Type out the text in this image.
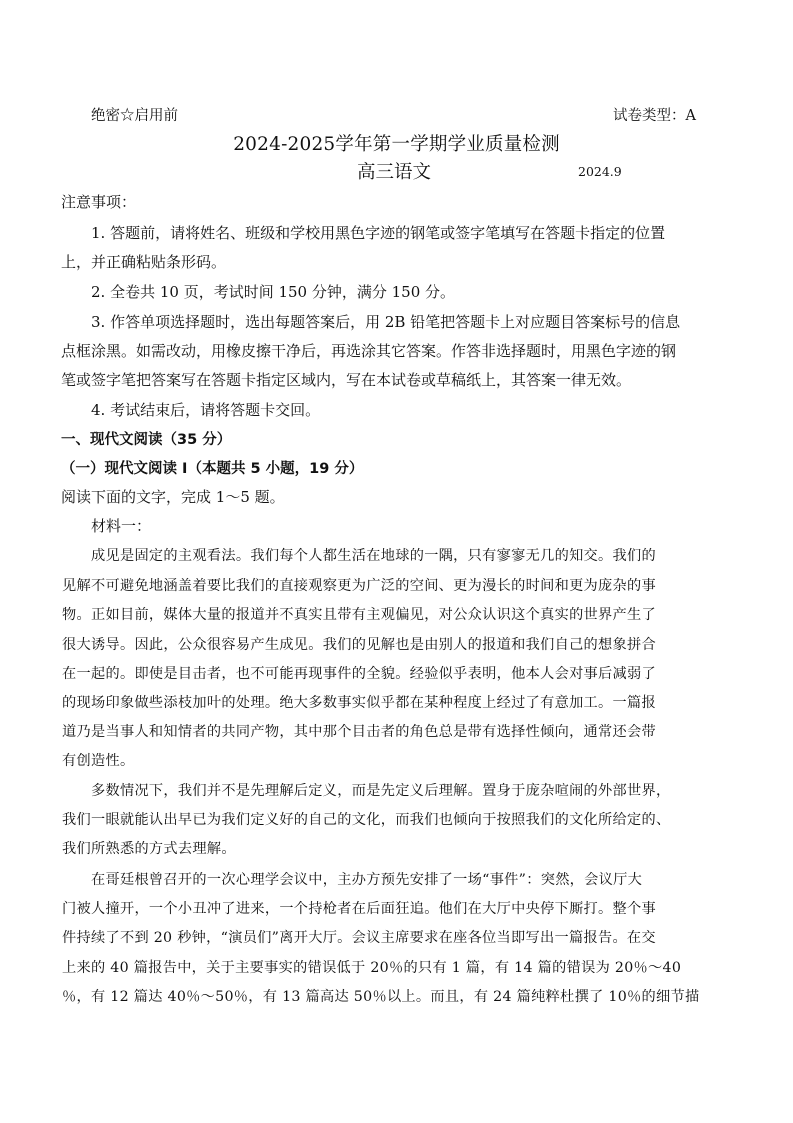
绝密☆启用前	试卷类型：A
2024-2025学年第一学期学业质量检测
高三语文	2024.9
注意事项：
　　1. 答题前，请将姓名、班级和学校用黑色字迹的钢笔或签字笔填写在答题卡指定的位置
上，并正确粘贴条形码。
　　2. 全卷共 10 页，考试时间 150 分钟，满分 150 分。
　　3. 作答单项选择题时，选出每题答案后，用 2B 铅笔把答题卡上对应题目答案标号的信息
点框涂黑。如需改动，用橡皮擦干净后，再选涂其它答案。作答非选择题时，用黑色字迹的钢
笔或签字笔把答案写在答题卡指定区域内，写在本试卷或草稿纸上，其答案一律无效。
　　4. 考试结束后，请将答题卡交回。
一、现代文阅读（35 分）
（一）现代文阅读 I（本题共 5 小题，19 分）
阅读下面的文字，完成 1～5 题。
　　材料一：
　　成见是固定的主观看法。我们每个人都生活在地球的一隅，只有寥寥无几的知交。我们的
见解不可避免地涵盖着要比我们的直接观察更为广泛的空间、更为漫长的时间和更为庞杂的事
物。正如目前，媒体大量的报道并不真实且带有主观偏见，对公众认识这个真实的世界产生了
很大诱导。因此，公众很容易产生成见。我们的见解也是由别人的报道和我们自己的想象拼合
在一起的。即使是目击者，也不可能再现事件的全貌。经验似乎表明，他本人会对事后减弱了
的现场印象做些添枝加叶的处理。绝大多数事实似乎都在某种程度上经过了有意加工。一篇报
道乃是当事人和知情者的共同产物，其中那个目击者的角色总是带有选择性倾向，通常还会带
有创造性。
　　多数情况下，我们并不是先理解后定义，而是先定义后理解。置身于庞杂喧闹的外部世界，
我们一眼就能认出早已为我们定义好的自己的文化，而我们也倾向于按照我们的文化所给定的、
我们所熟悉的方式去理解。
　　在哥廷根曾召开的一次心理学会议中，主办方预先安排了一场“事件”：突然，会议厅大
门被人撞开，一个小丑冲了进来，一个持枪者在后面狂追。他们在大厅中央停下厮打。整个事
件持续了不到 20 秒钟，“演员们”离开大厅。会议主席要求在座各位当即写出一篇报告。在交
上来的 40 篇报告中，关于主要事实的错误低于 20％的只有 1 篇，有 14 篇的错误为 20％～40
％，有 12 篇达 40％～50％，有 13 篇高达 50％以上。而且，有 24 篇纯粹杜撰了 10％的细节描
